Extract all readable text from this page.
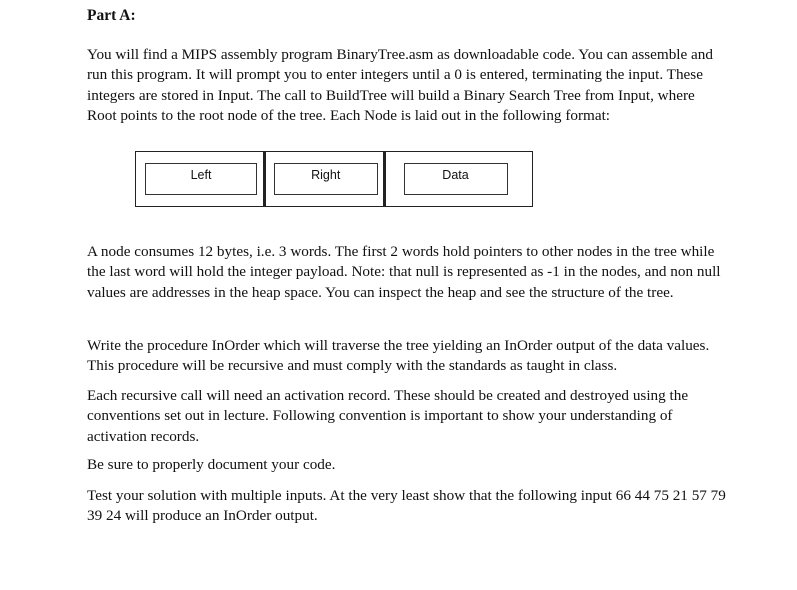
Part A:

You will find a MIPS assembly program BinaryTree.asm as downloadable code. You can assemble and run this program. It will prompt you to enter integers until a 0 is entered, terminating the input. These integers are stored in Input. The call to BuildTree will build a Binary Search Tree from Input, where Root points to the root node of the tree. Each Node is laid out in the following format:

Left	Right	Data

A node consumes 12 bytes, i.e. 3 words. The first 2 words hold pointers to other nodes in the tree while the last word will hold the integer payload. Note: that null is represented as -1 in the nodes, and non null values are addresses in the heap space. You can inspect the heap and see the structure of the tree.

Write the procedure InOrder which will traverse the tree yielding an InOrder output of the data values. This procedure will be recursive and must comply with the standards as taught in class.

Each recursive call will need an activation record. These should be created and destroyed using the conventions set out in lecture. Following convention is important to show your understanding of activation records.

Be sure to properly document your code.

Test your solution with multiple inputs. At the very least show that the following input 66 44 75 21 57 79 39 24 will produce an InOrder output.
